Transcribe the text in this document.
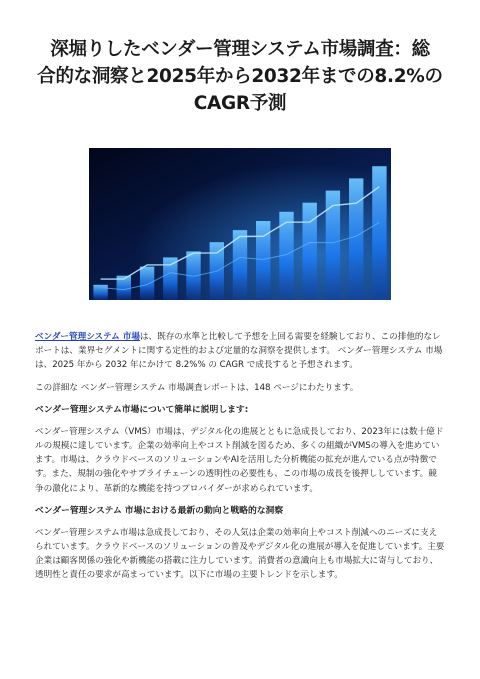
深堀りしたベンダー管理システム市場調査：総
合的な洞察と2025年から2032年までの8.2%の
CAGR予測

ベンダー管理システム 市場は、既存の水準と比較して予想を上回る需要を経験しており、この排他的なレポートは、業界セグメントに関する定性的および定量的な洞察を提供します。 ベンダー管理システム 市場は、2025 年から 2032 年にかけて 8.2%% の CAGR で成長すると予想されます。

この詳細な ベンダー管理システム 市場調査レポートは、148 ページにわたります。

ベンダー管理システム市場について簡単に説明します:

ベンダー管理システム（VMS）市場は、デジタル化の進展とともに急成長しており、2023年には数十億ドルの規模に達しています。企業の効率向上やコスト削減を図るため、多くの組織がVMSの導入を進めています。市場は、クラウドベースのソリューションやAIを活用した分析機能の拡充が進んでいる点が特徴です。また、規制の強化やサプライチェーンの透明性の必要性も、この市場の成長を後押ししています。競争の激化により、革新的な機能を持つプロバイダーが求められています。

ベンダー管理システム 市場における最新の動向と戦略的な洞察

ベンダー管理システム市場は急成長しており、その人気は企業の効率向上やコスト削減へのニーズに支えられています。クラウドベースのソリューションの普及やデジタル化の進展が導入を促進しています。主要企業は顧客関係の強化や新機能の搭載に注力しています。消費者の意識向上も市場拡大に寄与しており、透明性と責任の要求が高まっています。以下に市場の主要トレンドを示します。
